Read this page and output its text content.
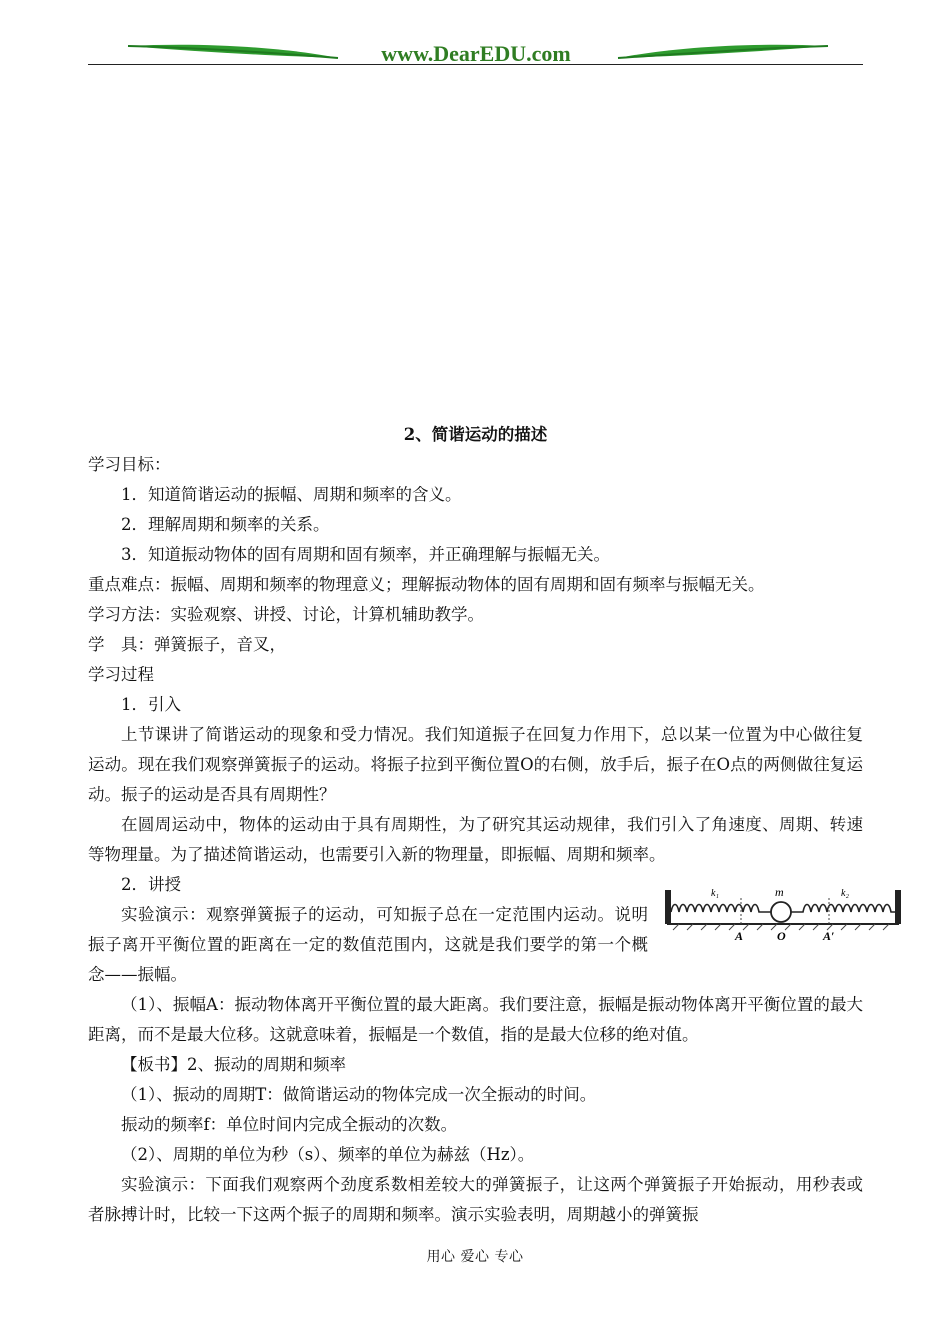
www.DearEDU.com

2、简谐运动的描述

学习目标：

1．知道简谐运动的振幅、周期和频率的含义。

2．理解周期和频率的关系。

3．知道振动物体的固有周期和固有频率，并正确理解与振幅无关。

重点难点：振幅、周期和频率的物理意义；理解振动物体的固有周期和固有频率与振幅无关。

学习方法：实验观察、讲授、讨论，计算机辅助教学。

学　具：弹簧振子，音叉，

学习过程

1．引入

上节课讲了简谐运动的现象和受力情况。我们知道振子在回复力作用下，总以某一位置为中心做往复运动。现在我们观察弹簧振子的运动。将振子拉到平衡位置O的右侧，放手后，振子在O点的两侧做往复运动。振子的运动是否具有周期性？

在圆周运动中，物体的运动由于具有周期性，为了研究其运动规律，我们引入了角速度、周期、转速等物理量。为了描述简谐运动，也需要引入新的物理量，即振幅、周期和频率。

2．讲授

实验演示：观察弹簧振子的运动，可知振子总在一定范围内运动。说明振子离开平衡位置的距离在一定的数值范围内，这就是我们要学的第一个概念——振幅。

k₁	m	k₂
A	O	A′

（1）、振幅A：振动物体离开平衡位置的最大距离。我们要注意，振幅是振动物体离开平衡位置的最大距离，而不是最大位移。这就意味着，振幅是一个数值，指的是最大位移的绝对值。

【板书】2、振动的周期和频率

（1）、振动的周期T：做简谐运动的物体完成一次全振动的时间。

振动的频率f：单位时间内完成全振动的次数。

（2）、周期的单位为秒（s）、频率的单位为赫兹（Hz）。

实验演示：下面我们观察两个劲度系数相差较大的弹簧振子，让这两个弹簧振子开始振动，用秒表或者脉搏计时，比较一下这两个振子的周期和频率。演示实验表明，周期越小的弹簧振

用心 爱心 专心
